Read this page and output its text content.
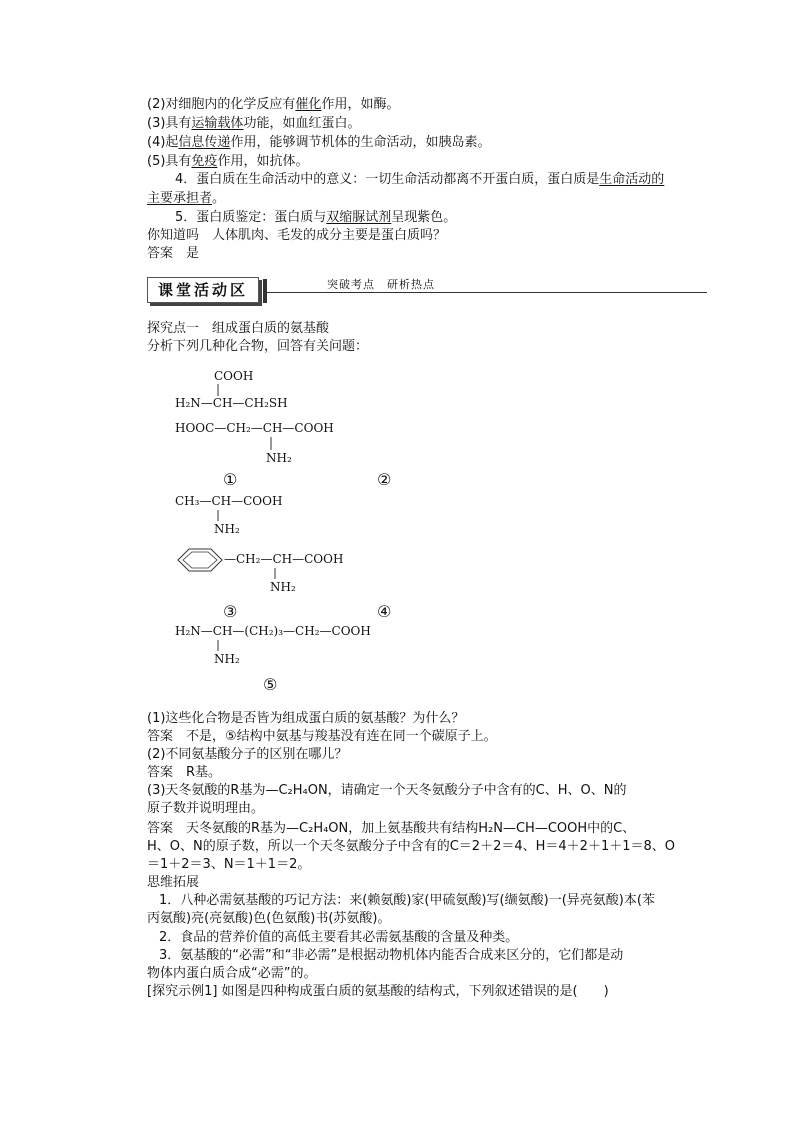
(2)对细胞内的化学反应有催化作用，如酶。
(3)具有运输载体功能，如血红蛋白。
(4)起信息传递作用，能够调节机体的生命活动，如胰岛素。
(5)具有免疫作用，如抗体。
4．蛋白质在生命活动中的意义：一切生命活动都离不开蛋白质，蛋白质是生命活动的
主要承担者。
5．蛋白质鉴定：蛋白质与双缩脲试剂呈现紫色。
你知道吗　人体肌肉、毛发的成分主要是蛋白质吗？
答案　是
课堂活动区	突破考点　研析热点
探究点一　组成蛋白质的氨基酸
分析下列几种化合物，回答有关问题：
COOH
H₂N—CH—CH₂SH
HOOC—CH₂—CH—COOH
NH₂
CH₃—CH—COOH
NH₂
—CH₂—CH—COOH
NH₂
H₂N—CH—(CH₂)₃—CH₂—COOH
NH₂
①	②
③	④
⑤
(1)这些化合物是否皆为组成蛋白质的氨基酸？为什么？
答案　不是，⑤结构中氨基与羧基没有连在同一个碳原子上。
(2)不同氨基酸分子的区别在哪儿？
答案　R基。
(3)天冬氨酸的R基为—C₂H₄ON，请确定一个天冬氨酸分子中含有的C、H、O、N的
原子数并说明理由。
答案　天冬氨酸的R基为—C₂H₄ON，加上氨基酸共有结构H₂N—CH—COOH中的C、
H、O、N的原子数，所以一个天冬氨酸分子中含有的C＝2＋2＝4、H＝4＋2＋1＋1＝8、O
＝1＋2＝3、N＝1＋1＝2。
思维拓展
1．八种必需氨基酸的巧记方法：来(赖氨酸)家(甲硫氨酸)写(缬氨酸)一(异亮氨酸)本(苯
丙氨酸)亮(亮氨酸)色(色氨酸)书(苏氨酸)。
2．食品的营养价值的高低主要看其必需氨基酸的含量及种类。
3．氨基酸的“必需”和“非必需”是根据动物机体内能否合成来区分的，它们都是动
物体内蛋白质合成“必需”的。
[探究示例1] 如图是四种构成蛋白质的氨基酸的结构式，下列叙述错误的是(　　)
